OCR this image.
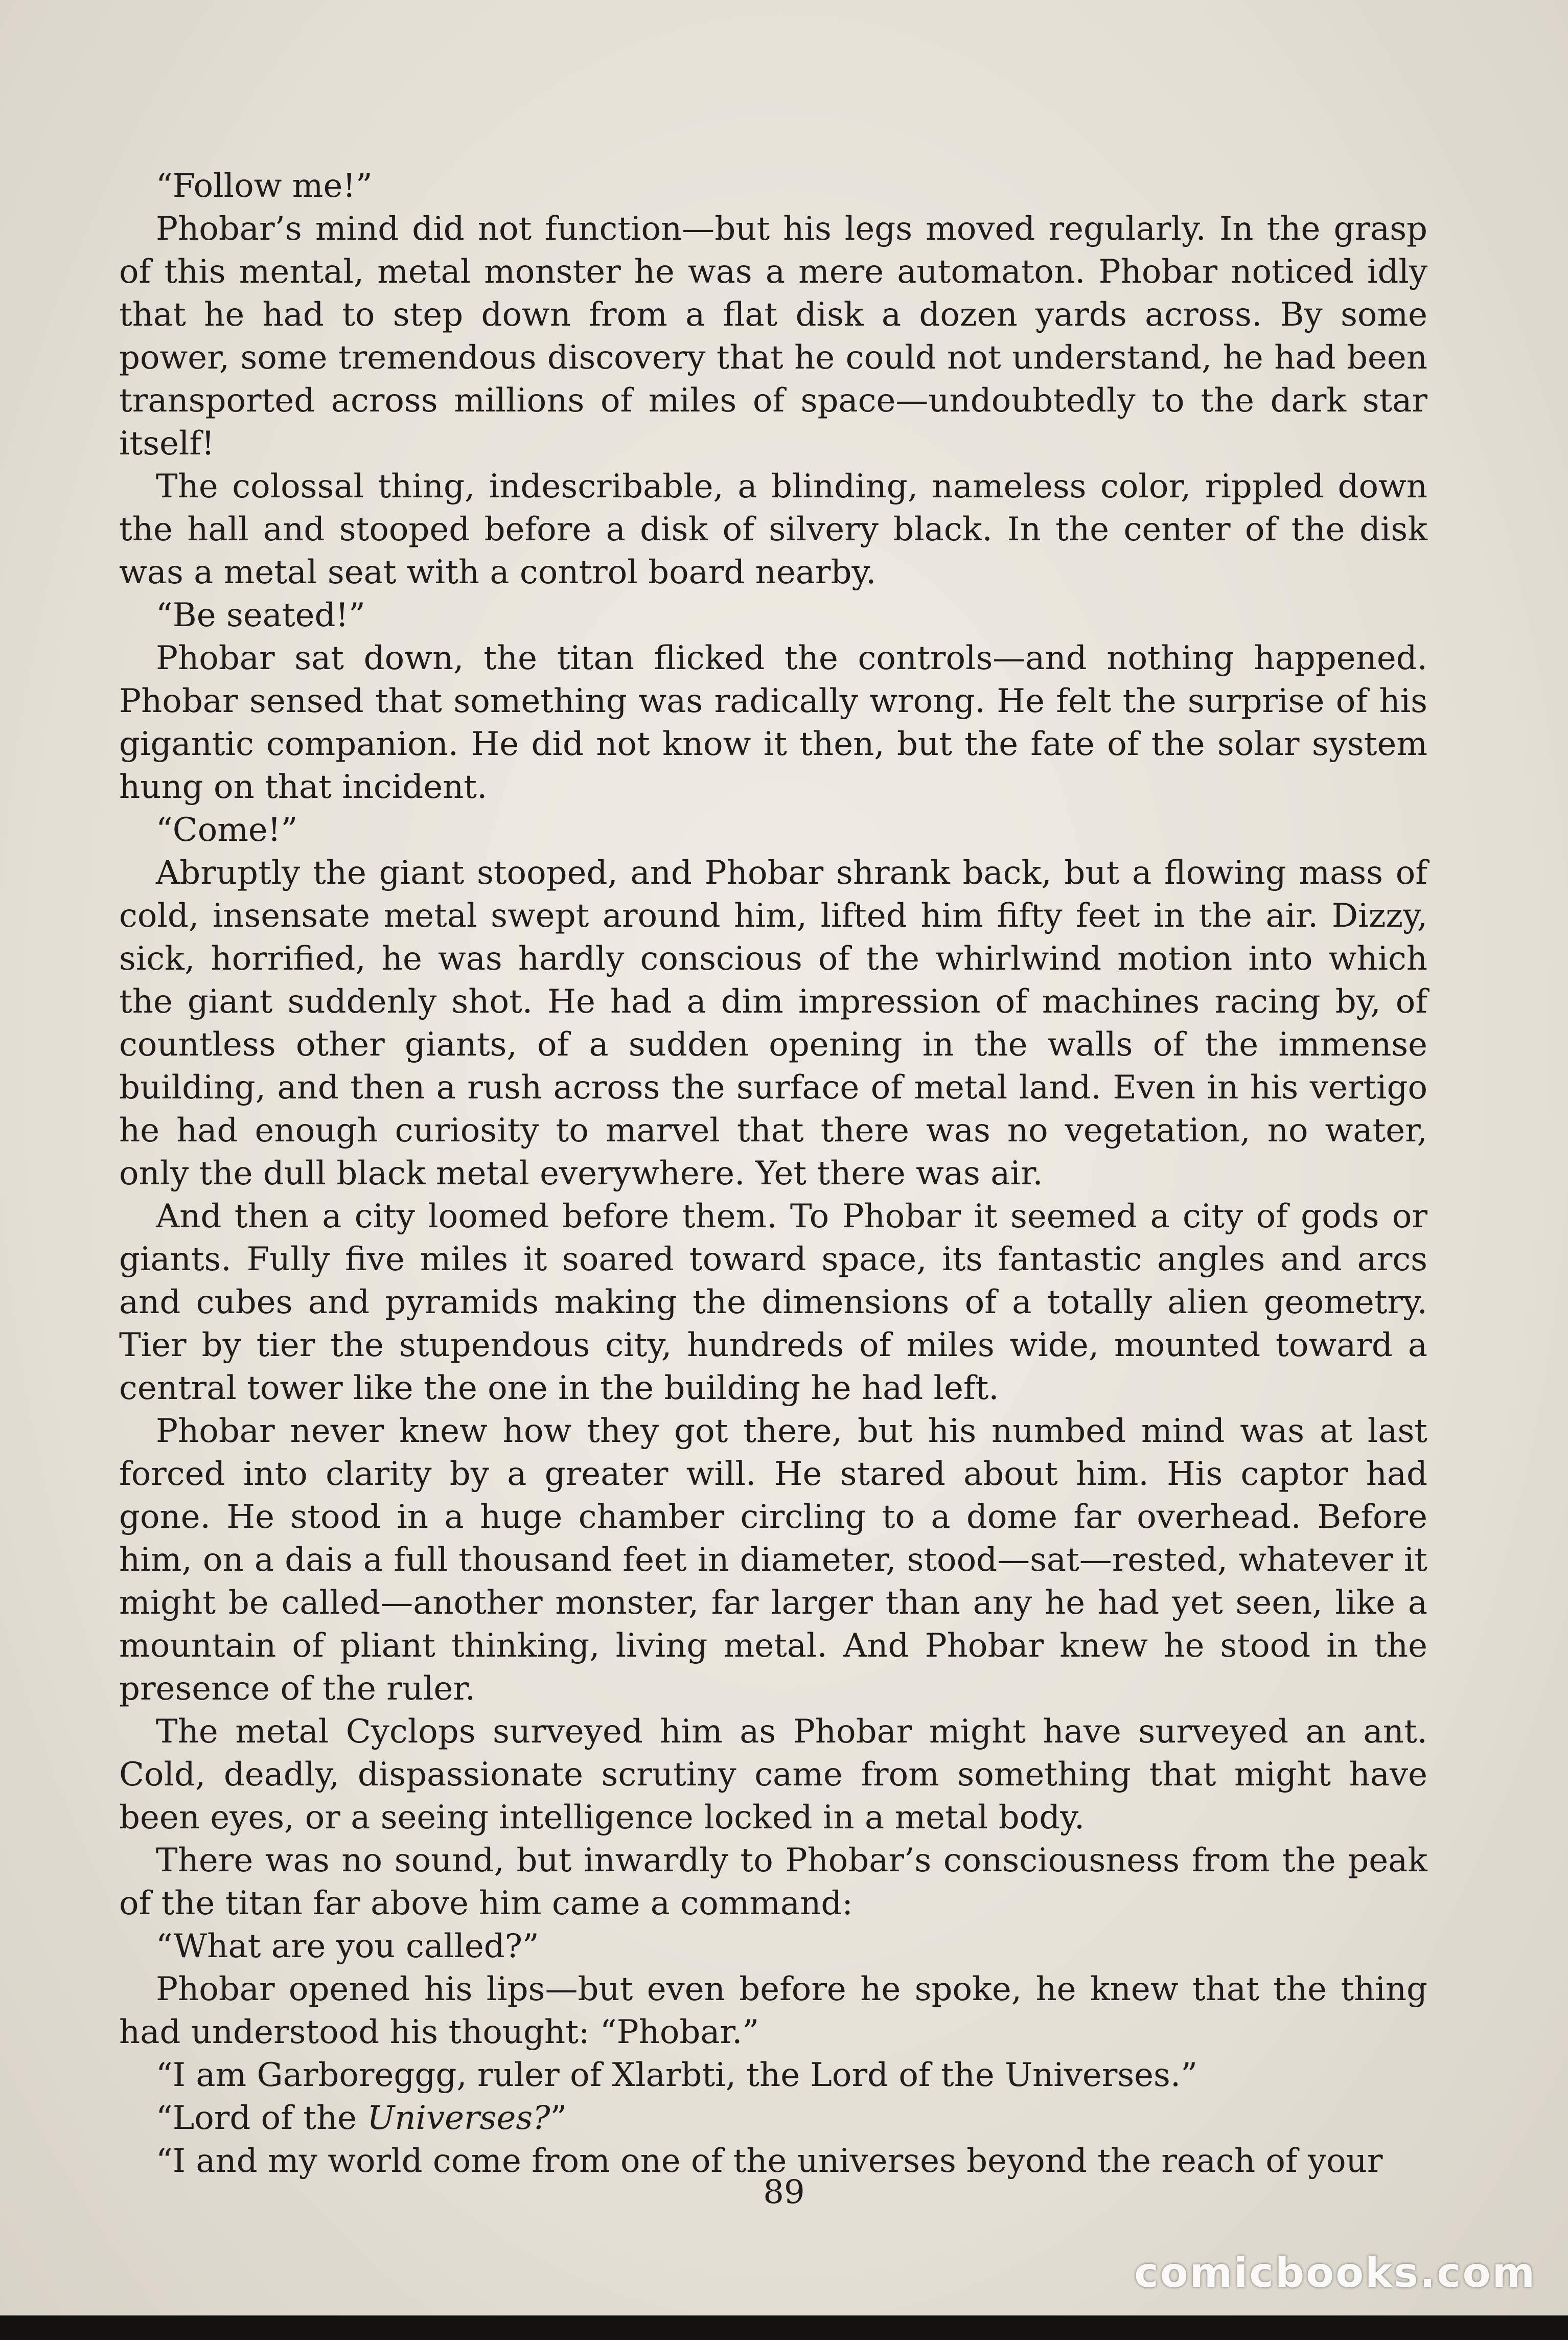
“Follow me!”

Phobar’s mind did not function—but his legs moved regularly. In the grasp of this mental, metal monster he was a mere automaton. Phobar noticed idly that he had to step down from a flat disk a dozen yards across. By some power, some tremendous discovery that he could not understand, he had been transported across millions of miles of space—undoubtedly to the dark star itself!

The colossal thing, indescribable, a blinding, nameless color, rippled down the hall and stooped before a disk of silvery black. In the center of the disk was a metal seat with a control board nearby.

“Be seated!”

Phobar sat down, the titan flicked the controls—and nothing happened. Phobar sensed that something was radically wrong. He felt the surprise of his gigantic companion. He did not know it then, but the fate of the solar system hung on that incident.

“Come!”

Abruptly the giant stooped, and Phobar shrank back, but a flowing mass of cold, insensate metal swept around him, lifted him fifty feet in the air. Dizzy, sick, horrified, he was hardly conscious of the whirlwind motion into which the giant suddenly shot. He had a dim impression of machines racing by, of countless other giants, of a sudden opening in the walls of the immense building, and then a rush across the surface of metal land. Even in his vertigo he had enough curiosity to marvel that there was no vegetation, no water, only the dull black metal everywhere. Yet there was air.

And then a city loomed before them. To Phobar it seemed a city of gods or giants. Fully five miles it soared toward space, its fantastic angles and arcs and cubes and pyramids making the dimensions of a totally alien geometry. Tier by tier the stupendous city, hundreds of miles wide, mounted toward a central tower like the one in the building he had left.

Phobar never knew how they got there, but his numbed mind was at last forced into clarity by a greater will. He stared about him. His captor had gone. He stood in a huge chamber circling to a dome far overhead. Before him, on a dais a full thousand feet in diameter, stood—sat—rested, whatever it might be called—another monster, far larger than any he had yet seen, like a mountain of pliant thinking, living metal. And Phobar knew he stood in the presence of the ruler.

The metal Cyclops surveyed him as Phobar might have surveyed an ant. Cold, deadly, dispassionate scrutiny came from something that might have been eyes, or a seeing intelligence locked in a metal body.

There was no sound, but inwardly to Phobar’s consciousness from the peak of the titan far above him came a command:

“What are you called?”

Phobar opened his lips—but even before he spoke, he knew that the thing had understood his thought: “Phobar.”

“I am Garboreggg, ruler of Xlarbti, the Lord of the Universes.”

“Lord of the Universes?”

“I and my world come from one of the universes beyond the reach of your

89
comicbooks.com
